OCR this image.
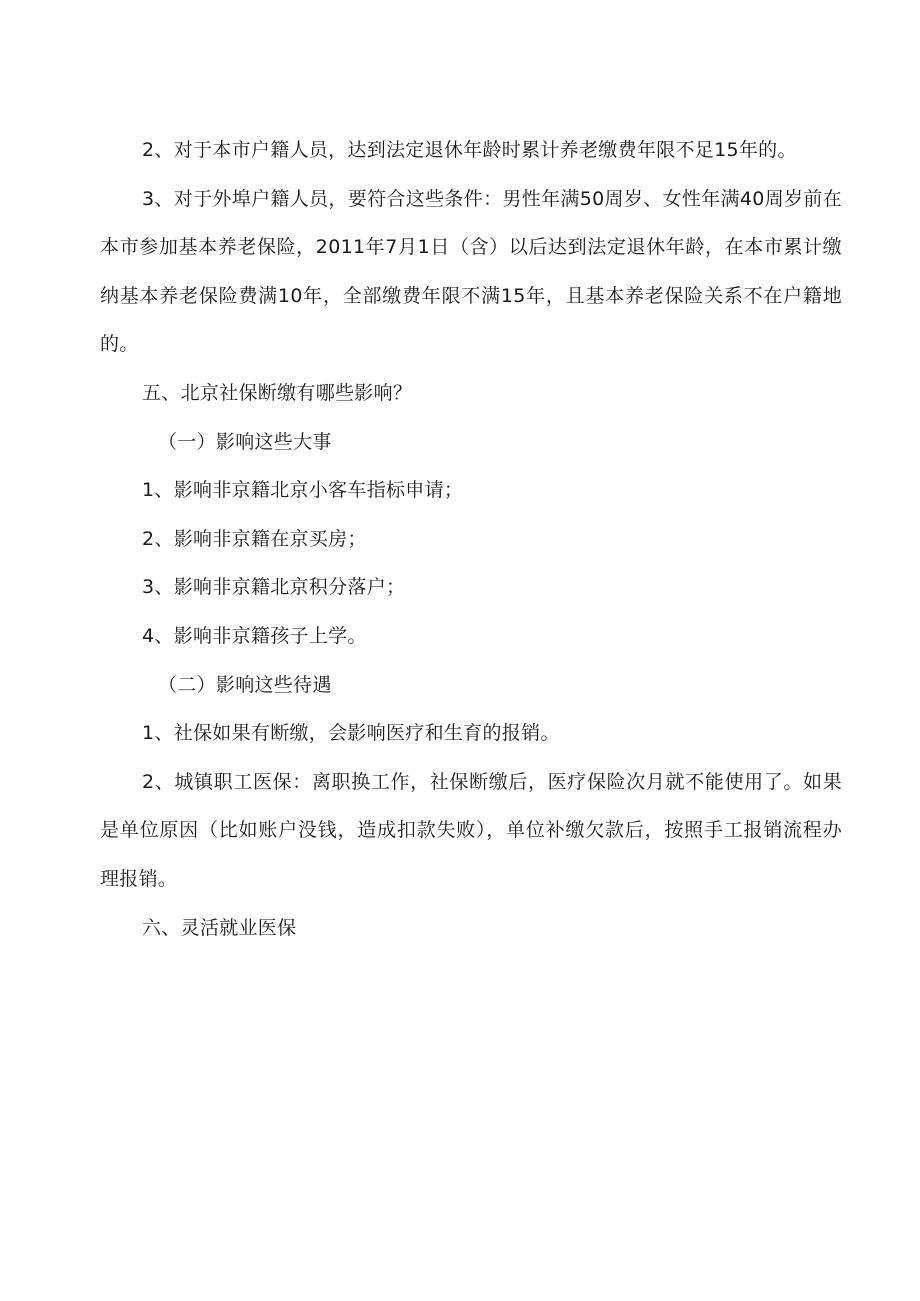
2、对于本市户籍人员，达到法定退休年龄时累计养老缴费年限不足15年的。

3、对于外埠户籍人员，要符合这些条件：男性年满50周岁、女性年满40周岁前在本市参加基本养老保险，2011年7月1日（含）以后达到法定退休年龄，在本市累计缴纳基本养老保险费满10年，全部缴费年限不满15年，且基本养老保险关系不在户籍地的。

五、北京社保断缴有哪些影响？

（一）影响这些大事

1、影响非京籍北京小客车指标申请；

2、影响非京籍在京买房；

3、影响非京籍北京积分落户；

4、影响非京籍孩子上学。

（二）影响这些待遇

1、社保如果有断缴，会影响医疗和生育的报销。

2、城镇职工医保：离职换工作，社保断缴后，医疗保险次月就不能使用了。如果是单位原因（比如账户没钱，造成扣款失败），单位补缴欠款后，按照手工报销流程办理报销。

六、灵活就业医保
